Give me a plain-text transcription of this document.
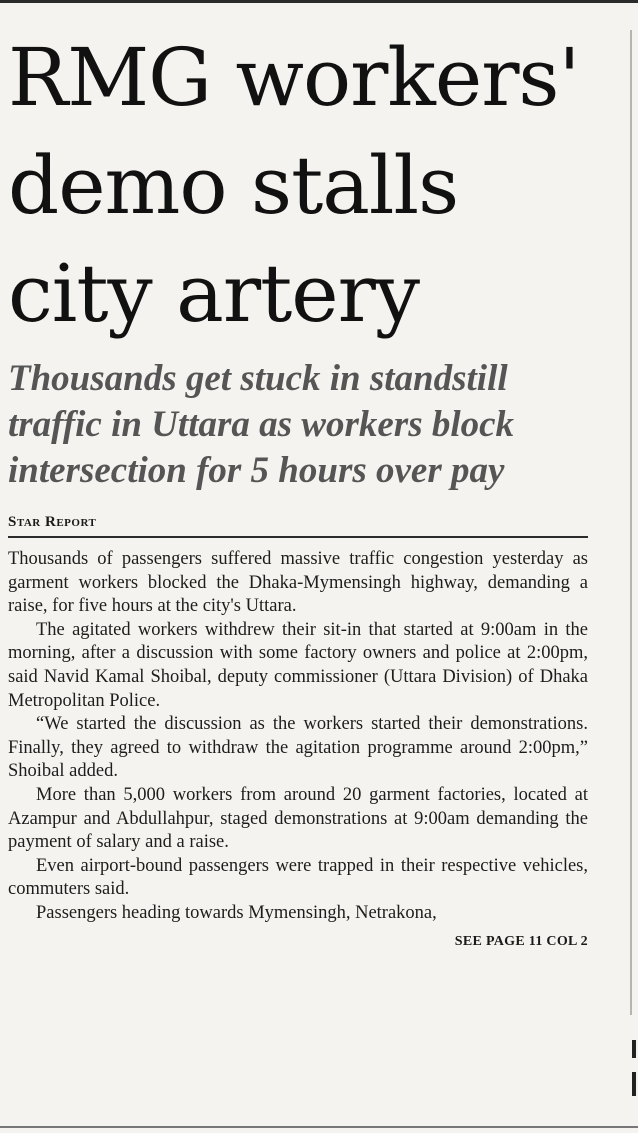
RMG workers'
demo stalls
city artery
Thousands get stuck in standstill
traffic in Uttara as workers block
intersection for 5 hours over pay
Star Report

Thousands of passengers suffered massive traffic congestion yesterday as garment workers blocked the Dhaka-Mymensingh highway, demanding a raise, for five hours at the city's Uttara.

The agitated workers withdrew their sit-in that started at 9:00am in the morning, after a discussion with some factory owners and police at 2:00pm, said Navid Kamal Shoibal, deputy commissioner (Uttara Division) of Dhaka Metropolitan Police.

“We started the discussion as the workers started their demonstrations. Finally, they agreed to withdraw the agitation programme around 2:00pm,” Shoibal added.

More than 5,000 workers from around 20 garment factories, located at Azampur and Abdullahpur, staged demonstrations at 9:00am demanding the payment of salary and a raise.

Even airport-bound passengers were trapped in their respective vehicles, commuters said.

Passengers heading towards Mymensingh, Netrakona,

SEE PAGE 11 COL 2
